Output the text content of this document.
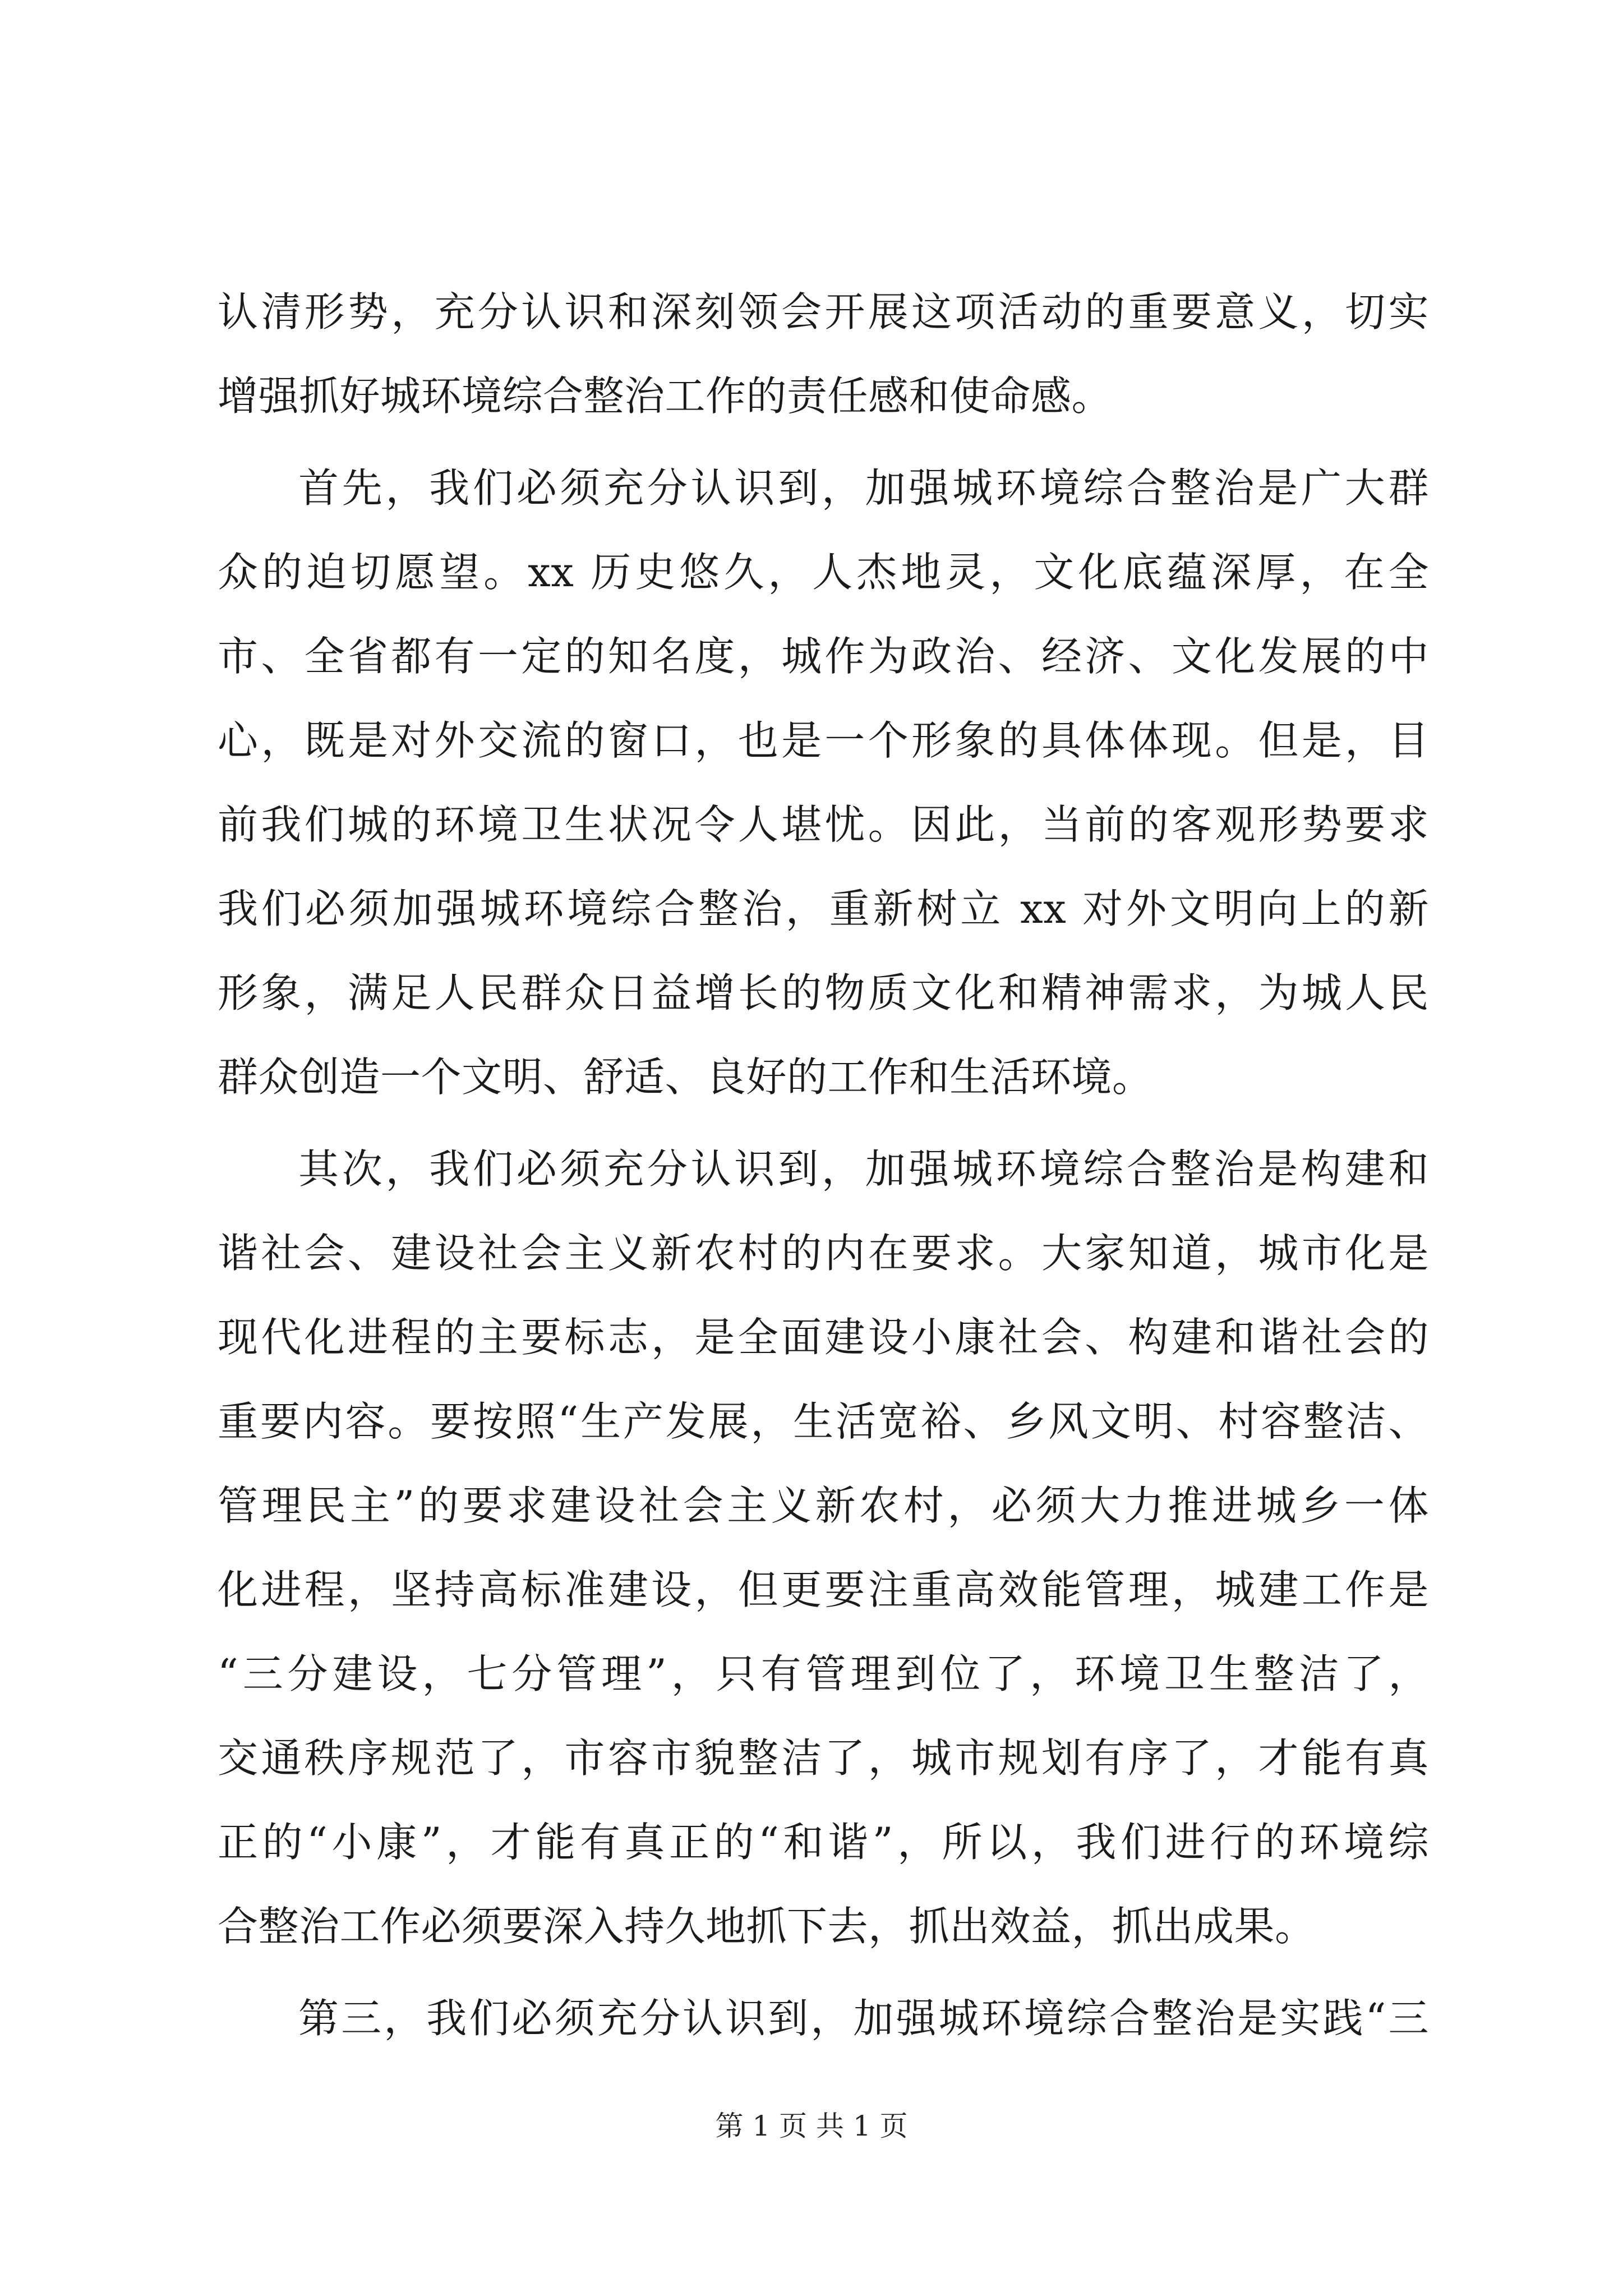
认清形势，充分认识和深刻领会开展这项活动的重要意义，切实
增强抓好城环境综合整治工作的责任感和使命感。
首先，我们必须充分认识到，加强城环境综合整治是广大群
众的迫切愿望。xx 历史悠久，人杰地灵，文化底蕴深厚，在全
市、全省都有一定的知名度，城作为政治、经济、文化发展的中
心，既是对外交流的窗口，也是一个形象的具体体现。但是，目
前我们城的环境卫生状况令人堪忧。因此，当前的客观形势要求
我们必须加强城环境综合整治，重新树立 xx 对外文明向上的新
形象，满足人民群众日益增长的物质文化和精神需求，为城人民
群众创造一个文明、舒适、良好的工作和生活环境。
其次，我们必须充分认识到，加强城环境综合整治是构建和
谐社会、建设社会主义新农村的内在要求。大家知道，城市化是
现代化进程的主要标志，是全面建设小康社会、构建和谐社会的
重要内容。要按照“生产发展，生活宽裕、乡风文明、村容整洁、
管理民主”的要求建设社会主义新农村，必须大力推进城乡一体
化进程，坚持高标准建设，但更要注重高效能管理，城建工作是
“三分建设，七分管理”，只有管理到位了，环境卫生整洁了，
交通秩序规范了，市容市貌整洁了，城市规划有序了，才能有真
正的“小康”，才能有真正的“和谐”，所以，我们进行的环境综
合整治工作必须要深入持久地抓下去，抓出效益，抓出成果。
第三，我们必须充分认识到，加强城环境综合整治是实践“三
第 1 页 共 1 页
